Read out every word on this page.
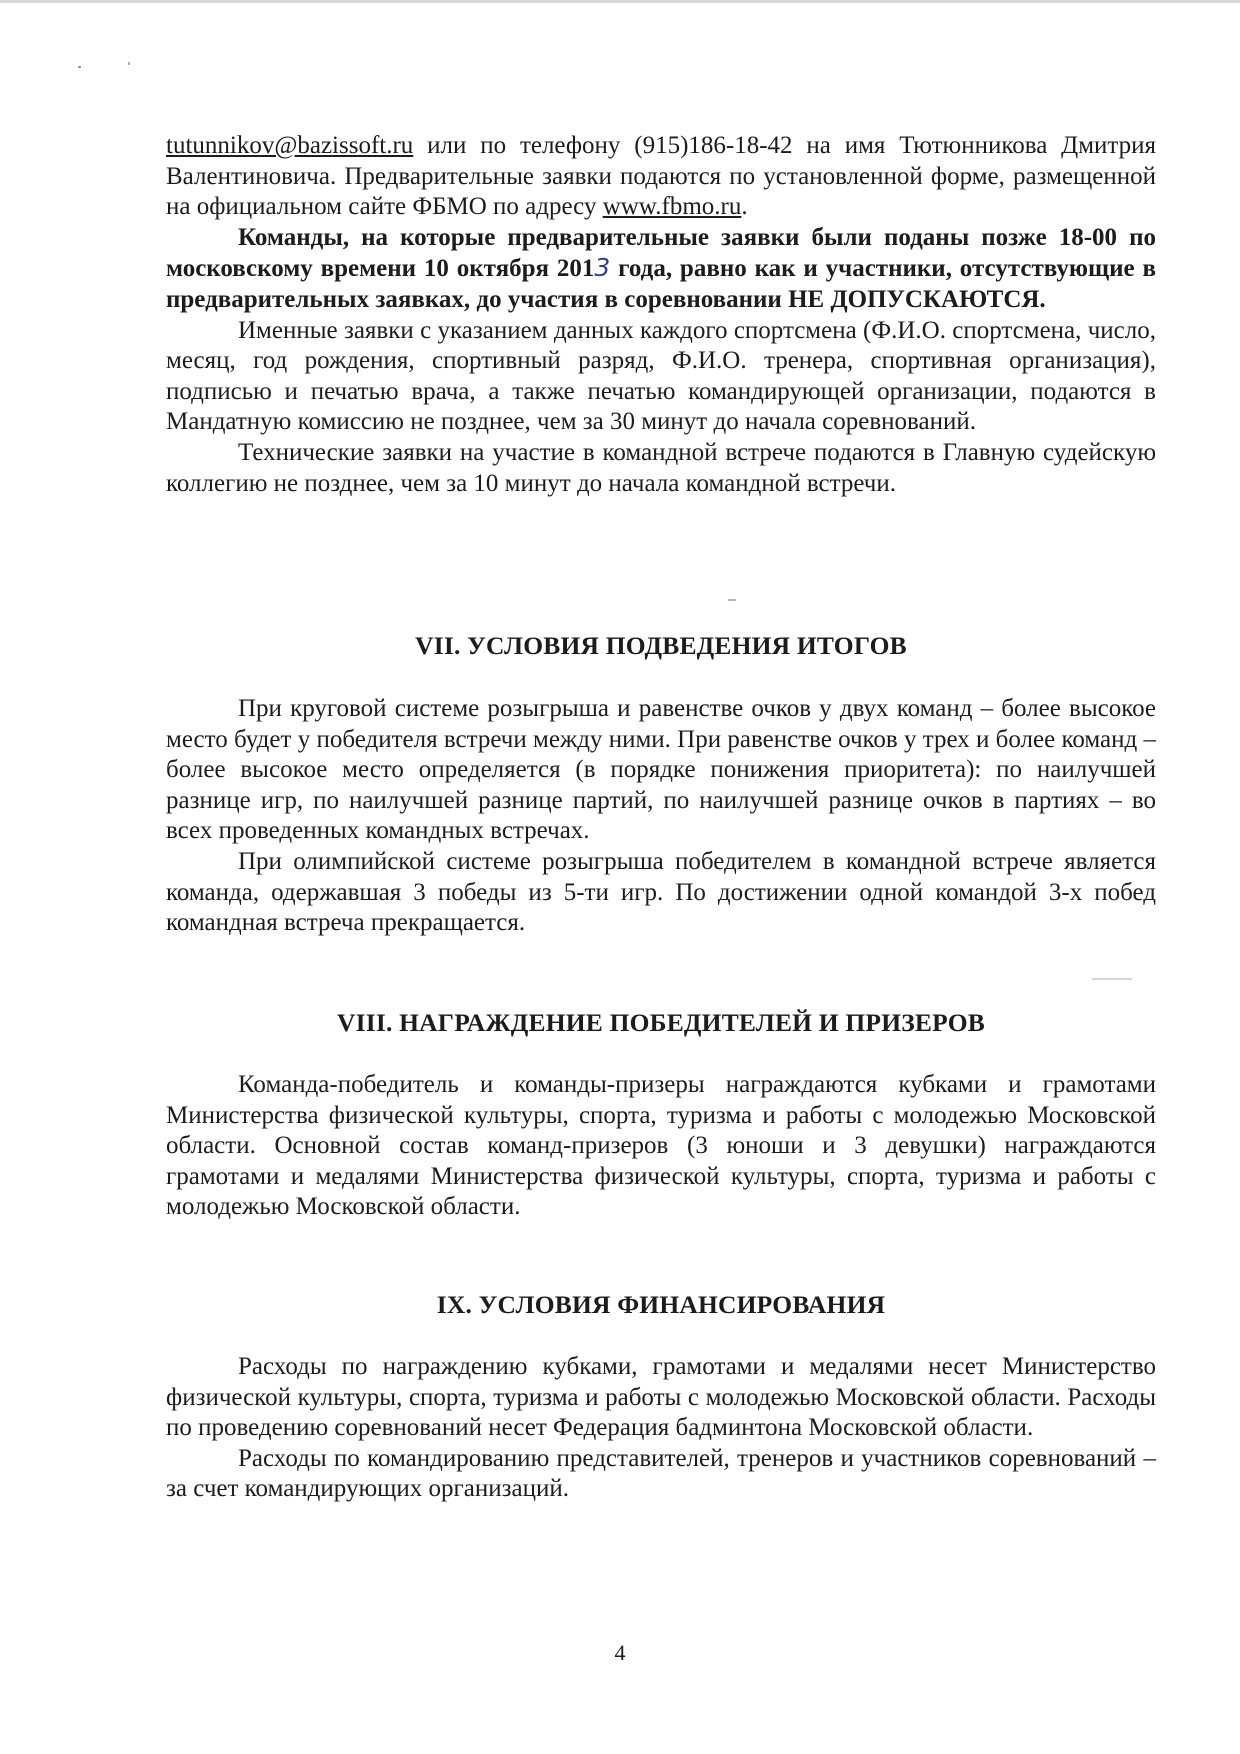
tutunnikov@bazissoft.ru или по телефону (915)186-18-42 на имя Тютюнникова Дмитрия Валентиновича. Предварительные заявки подаются по установленной форме, размещенной на официальном сайте ФБМО по адресу www.fbmo.ru.

Команды, на которые предварительные заявки были поданы позже 18-00 по московскому времени 10 октября 2013 года, равно как и участники, отсутствующие в предварительных заявках, до участия в соревновании НЕ ДОПУСКАЮТСЯ.

Именные заявки с указанием данных каждого спортсмена (Ф.И.О. спортсмена, число, месяц, год рождения, спортивный разряд, Ф.И.О. тренера, спортивная организация), подписью и печатью врача, а также печатью командирующей организации, подаются в Мандатную комиссию не позднее, чем за 30 минут до начала соревнований.

Технические заявки на участие в командной встрече подаются в Главную судейскую коллегию не позднее, чем за 10 минут до начала командной встречи.

VII. УСЛОВИЯ ПОДВЕДЕНИЯ ИТОГОВ

При круговой системе розыгрыша и равенстве очков у двух команд – более высокое место будет у победителя встречи между ними. При равенстве очков у трех и более команд – более высокое место определяется (в порядке понижения приоритета): по наилучшей разнице игр, по наилучшей разнице партий, по наилучшей разнице очков в партиях – во всех проведенных командных встречах.

При олимпийской системе розыгрыша победителем в командной встрече является команда, одержавшая 3 победы из 5-ти игр. По достижении одной командой 3-х побед командная встреча прекращается.

VIII. НАГРАЖДЕНИЕ ПОБЕДИТЕЛЕЙ И ПРИЗЕРОВ

Команда-победитель и команды-призеры награждаются кубками и грамотами Министерства физической культуры, спорта, туризма и работы с молодежью Московской области. Основной состав команд-призеров (3 юноши и 3 девушки) награждаются грамотами и медалями Министерства физической культуры, спорта, туризма и работы с молодежью Московской области.

IX. УСЛОВИЯ ФИНАНСИРОВАНИЯ

Расходы по награждению кубками, грамотами и медалями несет Министерство физической культуры, спорта, туризма и работы с молодежью Московской области. Расходы по проведению соревнований несет Федерация бадминтона Московской области.

Расходы по командированию представителей, тренеров и участников соревнований – за счет командирующих организаций.

4
